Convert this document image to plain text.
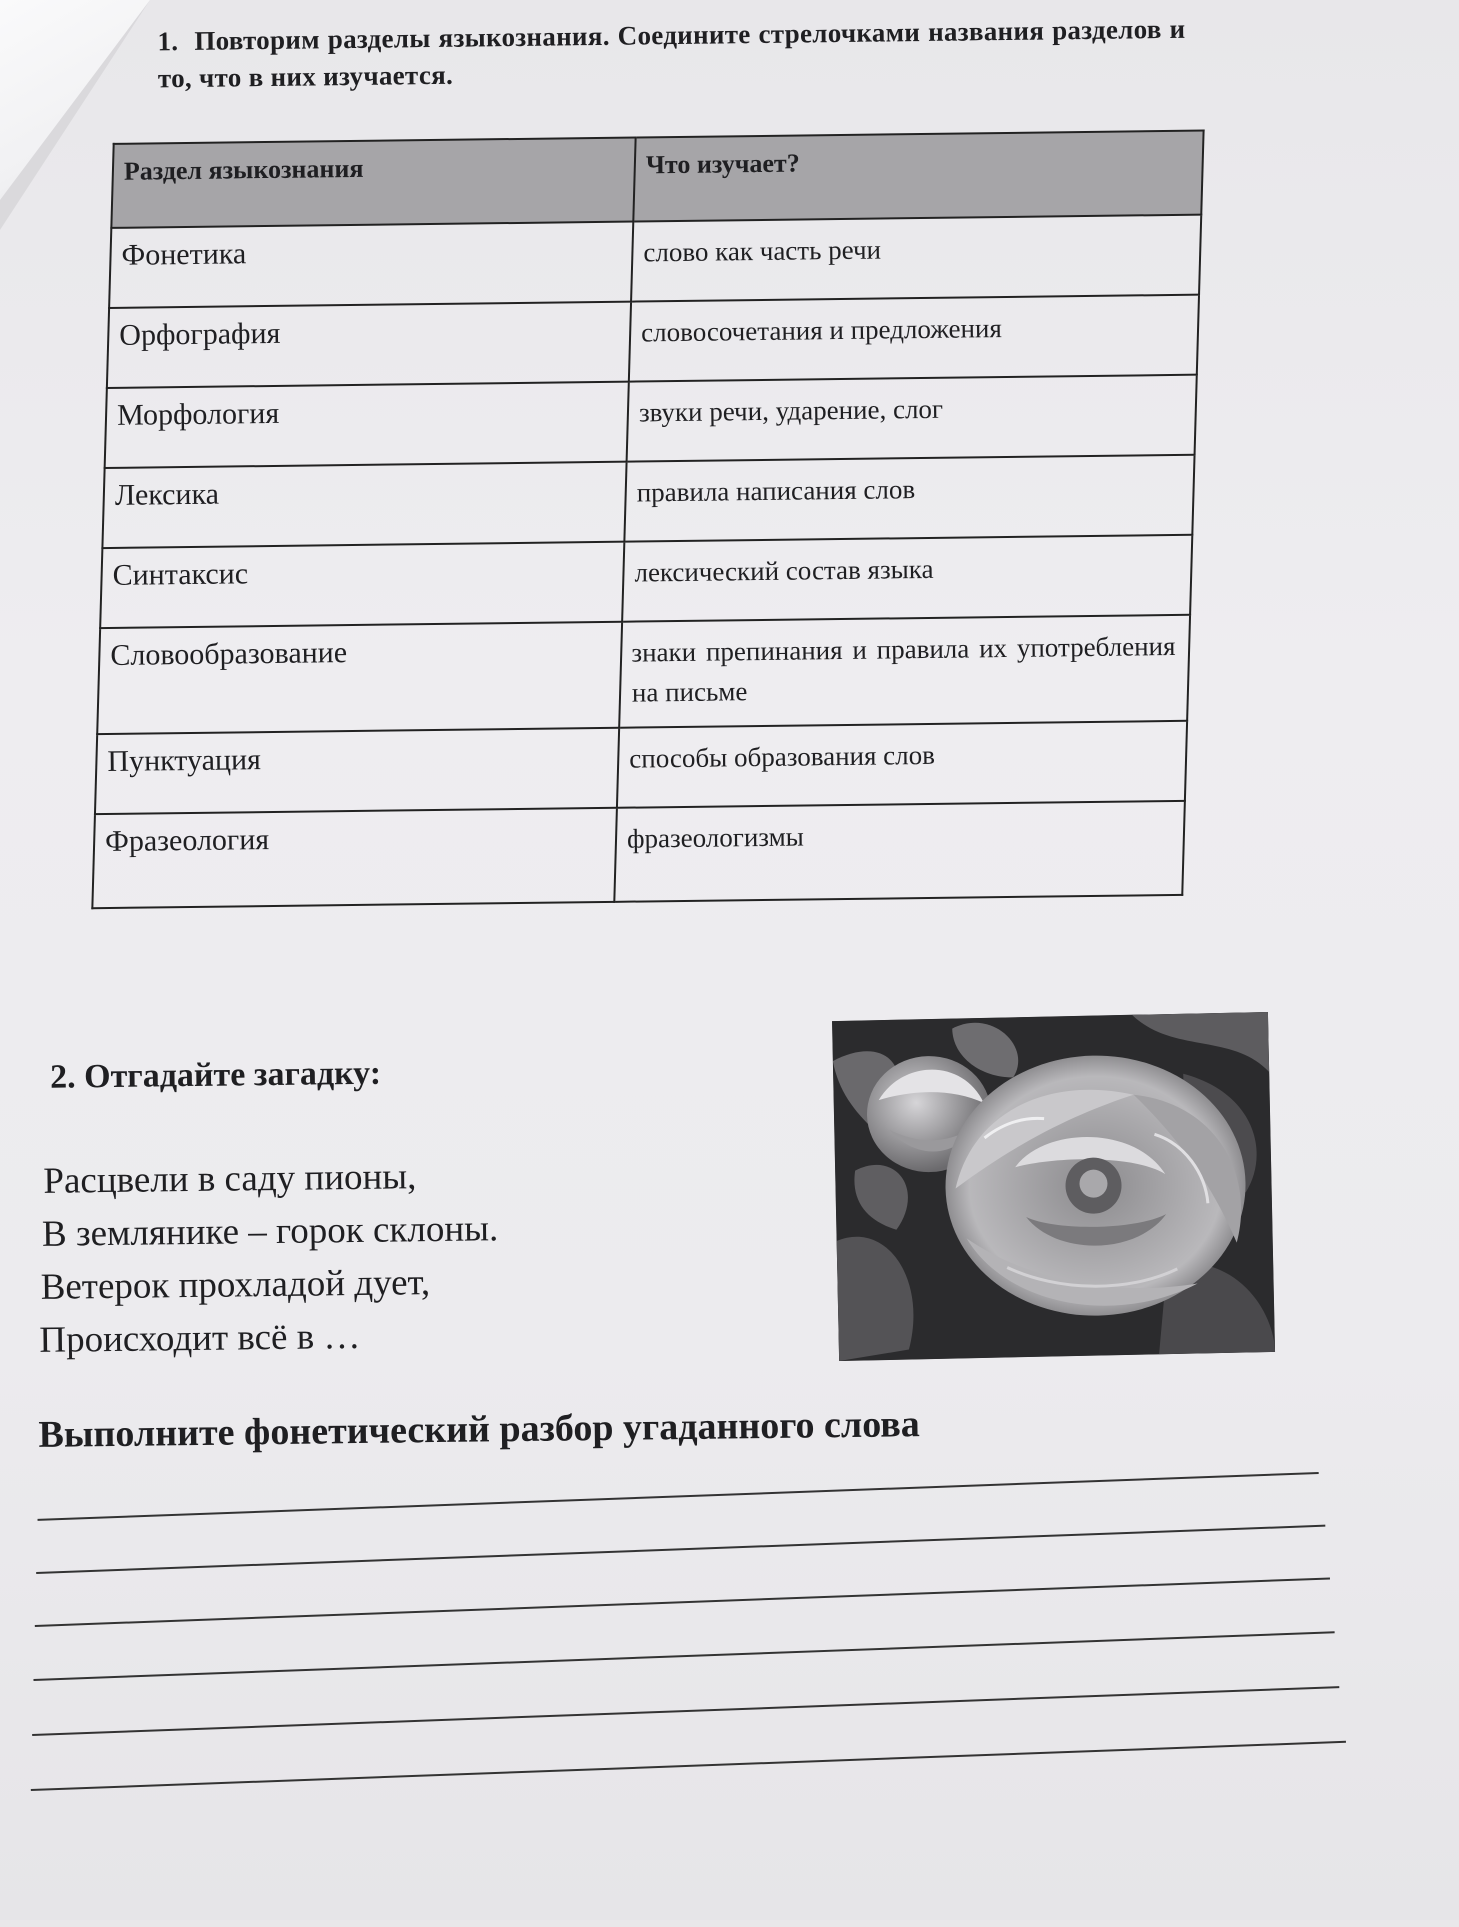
1. Повторим разделы языкознания. Соедините стрелочками названия разделов и то, что в них изучается.
Раздел языкознания	Что изучает?

Фонетика	слово как часть речи

Орфография	словосочетания и предложения

Морфология	звуки речи, ударение, слог

Лексика	правила написания слов

Синтаксис	лексический состав языка

Словообразование	знаки препинания и правила их употребления на письме

Пунктуация	способы образования слов

Фразеология	фразеологизмы
2. Отгадайте загадку:
Расцвели в саду пионы,
В землянике – горок склоны.
Ветерок прохладой дует,
Происходит всё в …
Выполните фонетический разбор угаданного слова
